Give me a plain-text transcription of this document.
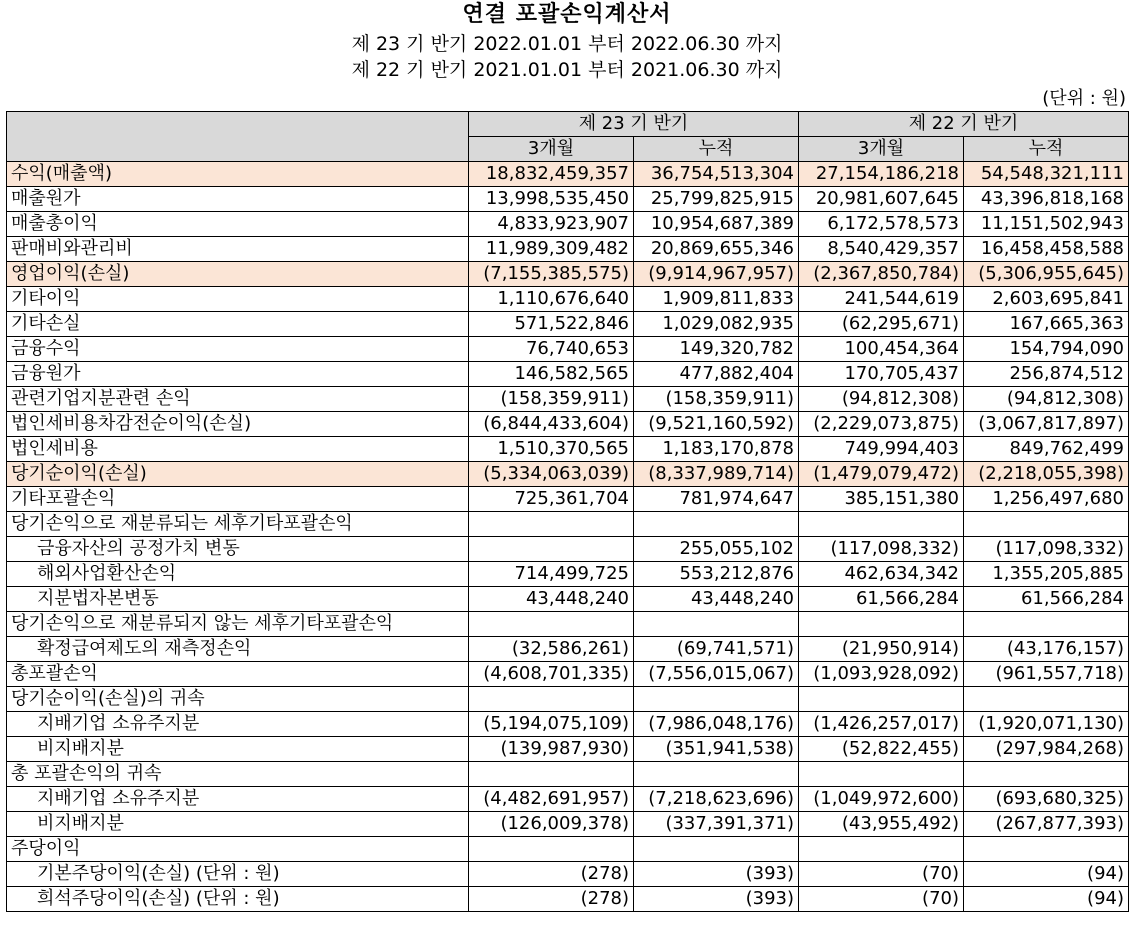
연결 포괄손익계산서
제 23 기 반기 2022.01.01 부터 2022.06.30 까지
제 22 기 반기 2021.01.01 부터 2021.06.30 까지
(단위 : 원)
	제 23 기 반기		제 22 기 반기	
	3개월	누적	3개월	누적
수익(매출액)	18,832,459,357	36,754,513,304	27,154,186,218	54,548,321,111
매출원가	13,998,535,450	25,799,825,915	20,981,607,645	43,396,818,168
매출총이익	4,833,923,907	10,954,687,389	6,172,578,573	11,151,502,943
판매비와관리비	11,989,309,482	20,869,655,346	8,540,429,357	16,458,458,588
영업이익(손실)	(7,155,385,575)	(9,914,967,957)	(2,367,850,784)	(5,306,955,645)
기타이익	1,110,676,640	1,909,811,833	241,544,619	2,603,695,841
기타손실	571,522,846	1,029,082,935	(62,295,671)	167,665,363
금융수익	76,740,653	149,320,782	100,454,364	154,794,090
금융원가	146,582,565	477,882,404	170,705,437	256,874,512
관련기업지분관련 손익	(158,359,911)	(158,359,911)	(94,812,308)	(94,812,308)
법인세비용차감전순이익(손실)	(6,844,433,604)	(9,521,160,592)	(2,229,073,875)	(3,067,817,897)
법인세비용	1,510,370,565	1,183,170,878	749,994,403	849,762,499
당기순이익(손실)	(5,334,063,039)	(8,337,989,714)	(1,479,079,472)	(2,218,055,398)
기타포괄손익	725,361,704	781,974,647	385,151,380	1,256,497,680
당기손익으로 재분류되는 세후기타포괄손익				
금융자산의 공정가치 변동		255,055,102	(117,098,332)	(117,098,332)
해외사업환산손익	714,499,725	553,212,876	462,634,342	1,355,205,885
지분법자본변동	43,448,240	43,448,240	61,566,284	61,566,284
당기손익으로 재분류되지 않는 세후기타포괄손익				
확정급여제도의 재측정손익	(32,586,261)	(69,741,571)	(21,950,914)	(43,176,157)
총포괄손익	(4,608,701,335)	(7,556,015,067)	(1,093,928,092)	(961,557,718)
당기순이익(손실)의 귀속				
지배기업 소유주지분	(5,194,075,109)	(7,986,048,176)	(1,426,257,017)	(1,920,071,130)
비지배지분	(139,987,930)	(351,941,538)	(52,822,455)	(297,984,268)
총 포괄손익의 귀속				
지배기업 소유주지분	(4,482,691,957)	(7,218,623,696)	(1,049,972,600)	(693,680,325)
비지배지분	(126,009,378)	(337,391,371)	(43,955,492)	(267,877,393)
주당이익				
기본주당이익(손실) (단위 : 원)	(278)	(393)	(70)	(94)
희석주당이익(손실) (단위 : 원)	(278)	(393)	(70)	(94)
